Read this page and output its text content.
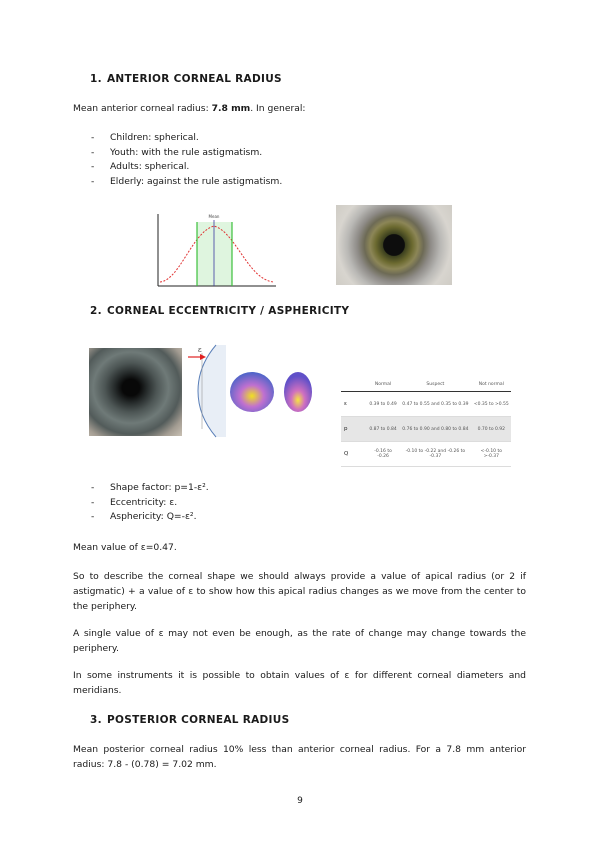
1. ANTERIOR CORNEAL RADIUS
Mean anterior corneal radius: 7.8 mm. In general:
- Children: spherical.
- Youth: with the rule astigmatism.
- Adults: spherical.
- Elderly: against the rule astigmatism.
Mean
2. CORNEAL ECCENTRICITY / ASPHERICITY
ε
	Normal	Suspect	Not normal
ε	0.39 to 0.49	0.47 to 0.55 and 0.35 to 0.39	<0.35 to >0.55
p	0.87 to 0.84	0.76 to 0.90 and 0.80 to 0.84	0.70 to 0.92
Q	-0.16 to -0.26	-0.10 to -0.22 and -0.26 to -0.37	<-0.10 to >-0.37
- Shape factor: p=1-ε².
- Eccentricity: ε.
- Asphericity: Q=-ε².
Mean value of ε=0.47.
So to describe the corneal shape we should always provide a value of apical radius (or 2 if astigmatic) + a value of ε to show how this apical radius changes as we move from the center to the periphery.
A single value of ε may not even be enough, as the rate of change may change towards the periphery.
In some instruments it is possible to obtain values of ε for different corneal diameters and meridians.
3. POSTERIOR CORNEAL RADIUS
Mean posterior corneal radius 10% less than anterior corneal radius. For a 7.8 mm anterior radius: 7.8 - (0.78) = 7.02 mm.
9
